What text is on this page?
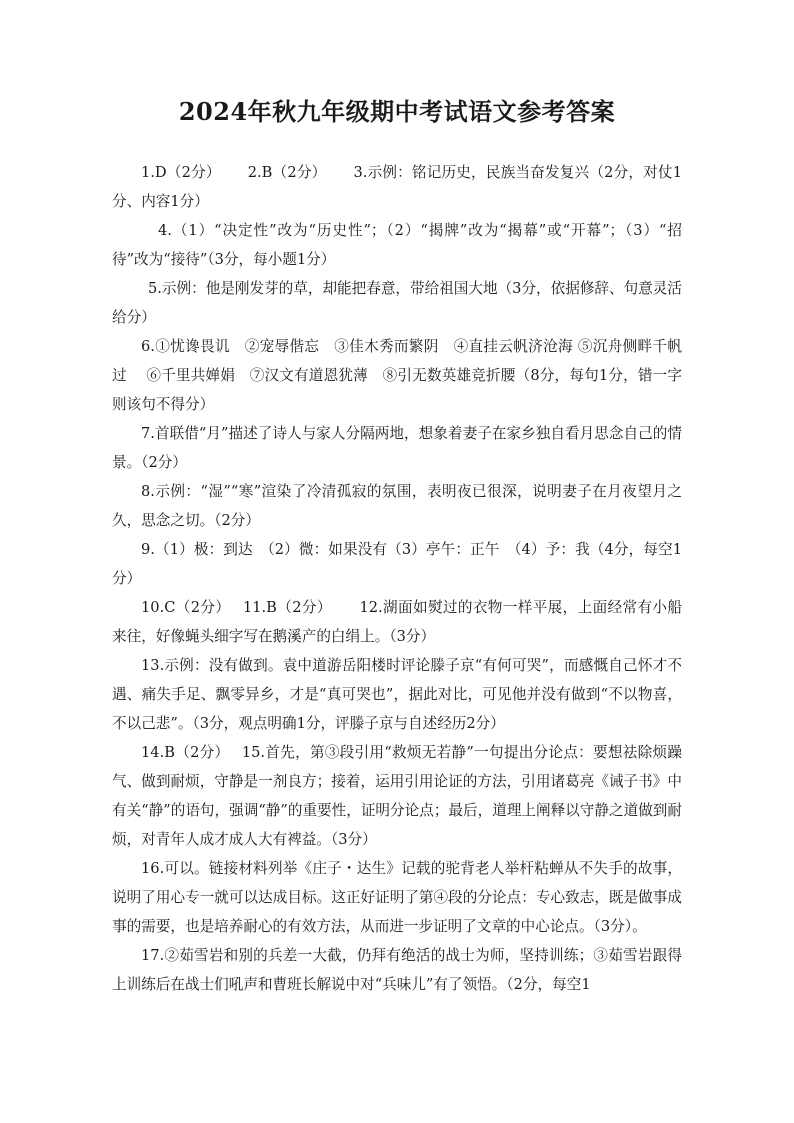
2024年秋九年级期中考试语文参考答案

1.D（2分）　　 2.B（2分）　　 3.示例：铭记历史，民族当奋发复兴（2分，对仗1分、内容1分）

4.（1）“决定性”改为“历史性”；（2）“揭牌”改为“揭幕”或“开幕”；（3）“招待”改为“接待”（3分，每小题1分）

5.示例：他是刚发芽的草，却能把春意，带给祖国大地（3分，依据修辞、句意灵活给分）

6.①忧谗畏讥　②宠辱偕忘　③佳木秀而繁阴　④直挂云帆济沧海 ⑤沉舟侧畔千帆过　 ⑥千里共婵娟　⑦汉文有道恩犹薄　⑧引无数英雄竞折腰（8分，每句1分，错一字则该句不得分）

7.首联借“月”描述了诗人与家人分隔两地，想象着妻子在家乡独自看月思念自己的情景。（2分）

8.示例：“湿”“寒”渲染了冷清孤寂的氛围，表明夜已很深，说明妻子在月夜望月之久，思念之切。（2分）

9.（1）极：到达　（2）微：如果没有（3）亭午：正午　（4）予：我（4分，每空1分）

10.C（2分）　 11.B（2分）　　 12.湖面如熨过的衣物一样平展，上面经常有小船来往，好像蝇头细字写在鹅溪产的白绢上。（3分）

13.示例：没有做到。袁中道游岳阳楼时评论滕子京“有何可哭”，而感慨自己怀才不遇、痛失手足、飘零异乡，才是“真可哭也”，据此对比，可见他并没有做到“不以物喜，不以己悲”。（3分，观点明确1分，评滕子京与自述经历2分）

14.B（2分）　 15.首先，第③段引用“救烦无若静”一句提出分论点：要想祛除烦躁气、做到耐烦，守静是一剂良方；接着，运用引用论证的方法，引用诸葛亮《诫子书》中有关“静”的语句，强调“静”的重要性，证明分论点；最后，道理上阐释以守静之道做到耐烦，对青年人成才成人大有裨益。（3分）

16.可以。链接材料列举《庄子・达生》记载的驼背老人举杆粘蝉从不失手的故事，说明了用心专一就可以达成目标。这正好证明了第④段的分论点：专心致志，既是做事成事的需要，也是培养耐心的有效方法，从而进一步证明了文章的中心论点。（3分）。

17.②茹雪岩和别的兵差一大截，仍拜有绝活的战士为师，坚持训练；③茹雪岩跟得上训练后在战士们吼声和曹班长解说中对“兵味儿”有了领悟。（2分，每空1
